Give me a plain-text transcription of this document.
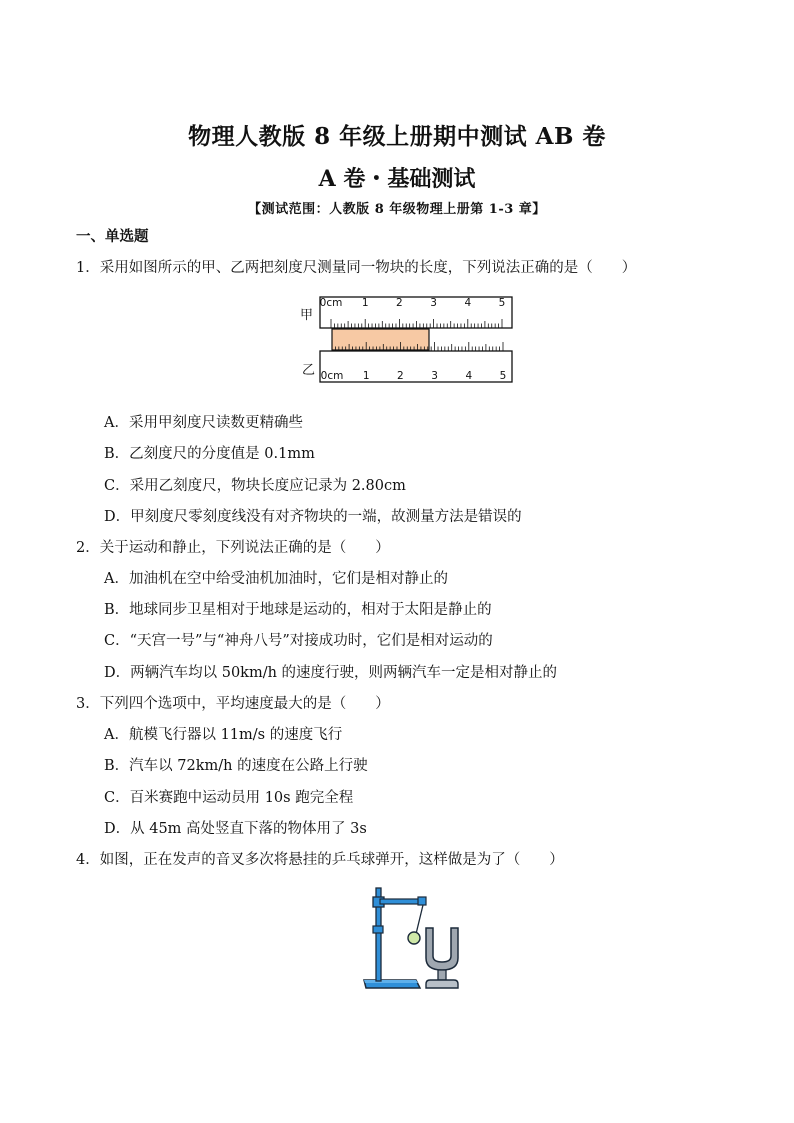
物理人教版 8 年级上册期中测试 AB 卷
A 卷・基础测试
【测试范围：人教版 8 年级物理上册第 1-3 章】
一、单选题
1．采用如图所示的甲、乙两把刻度尺测量同一物块的长度，下列说法正确的是（　　）
甲
5
4
3
2
1
0cm
乙 0cm 1	2	3	4	5
A．采用甲刻度尺读数更精确些
B．乙刻度尺的分度值是 0.1mm
C．采用乙刻度尺，物块长度应记录为 2.80cm
D．甲刻度尺零刻度线没有对齐物块的一端，故测量方法是错误的
2．关于运动和静止，下列说法正确的是（　　）
A．加油机在空中给受油机加油时，它们是相对静止的
B．地球同步卫星相对于地球是运动的，相对于太阳是静止的
C．“天宫一号”与“神舟八号”对接成功时，它们是相对运动的
D．两辆汽车均以 50km/h 的速度行驶，则两辆汽车一定是相对静止的
3．下列四个选项中，平均速度最大的是（　　）
A．航模飞行器以 11m/s 的速度飞行
B．汽车以 72km/h 的速度在公路上行驶
C．百米赛跑中运动员用 10s 跑完全程
D．从 45m 高处竖直下落的物体用了 3s
4．如图，正在发声的音叉多次将悬挂的乒乓球弹开，这样做是为了（　　）
